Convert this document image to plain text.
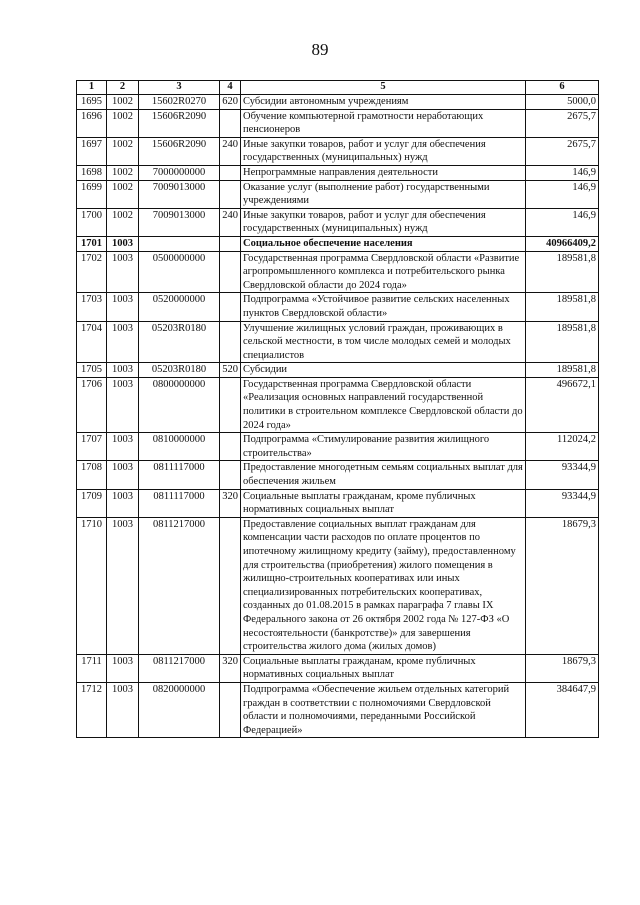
89
1	2	3	4	5	6
1695	1002	15602R0270	620	Субсидии автономным учреждениям	5000,0
1696	1002	15606R2090		Обучение компьютерной грамотности неработающих пенсионеров	2675,7
1697	1002	15606R2090	240	Иные закупки товаров, работ и услуг для обеспечения государственных (муниципальных) нужд	2675,7
1698	1002	7000000000		Непрограммные направления деятельности	146,9
1699	1002	7009013000		Оказание услуг (выполнение работ) государственными учреждениями	146,9
1700	1002	7009013000	240	Иные закупки товаров, работ и услуг для обеспечения государственных (муниципальных) нужд	146,9
1701	1003			Социальное обеспечение населения	40966409,2
1702	1003	0500000000		Государственная программа Свердловской области «Развитие агропромышленного комплекса и потребительского рынка Свердловской области до 2024 года»	189581,8
1703	1003	0520000000		Подпрограмма «Устойчивое развитие сельских населенных пунктов Свердловской области»	189581,8
1704	1003	05203R0180		Улучшение жилищных условий граждан, проживающих в сельской местности, в том числе молодых семей и молодых специалистов	189581,8
1705	1003	05203R0180	520	Субсидии	189581,8
1706	1003	0800000000		Государственная программа Свердловской области «Реализация основных направлений государственной политики в строительном комплексе Свердловской области до 2024 года»	496672,1
1707	1003	0810000000		Подпрограмма «Стимулирование развития жилищного строительства»	112024,2
1708	1003	0811117000		Предоставление многодетным семьям социальных выплат для обеспечения жильем	93344,9
1709	1003	0811117000	320	Социальные выплаты гражданам, кроме публичных нормативных социальных выплат	93344,9
1710	1003	0811217000		Предоставление социальных выплат гражданам для компенсации части расходов по оплате процентов по ипотечному жилищному кредиту (займу), предоставленному для строительства (приобретения) жилого помещения в жилищно-строительных кооперативах или иных специализированных потребительских кооперативах, созданных до 01.08.2015 в рамках параграфа 7 главы IX Федерального закона от 26 октября 2002 года № 127-ФЗ «О несостоятельности (банкротстве)» для завершения строительства жилого дома (жилых домов)	18679,3
1711	1003	0811217000	320	Социальные выплаты гражданам, кроме публичных нормативных социальных выплат	18679,3
1712	1003	0820000000		Подпрограмма «Обеспечение жильем отдельных категорий граждан в соответствии с полномочиями Свердловской области и полномочиями, переданными Российской Федерацией»	384647,9
